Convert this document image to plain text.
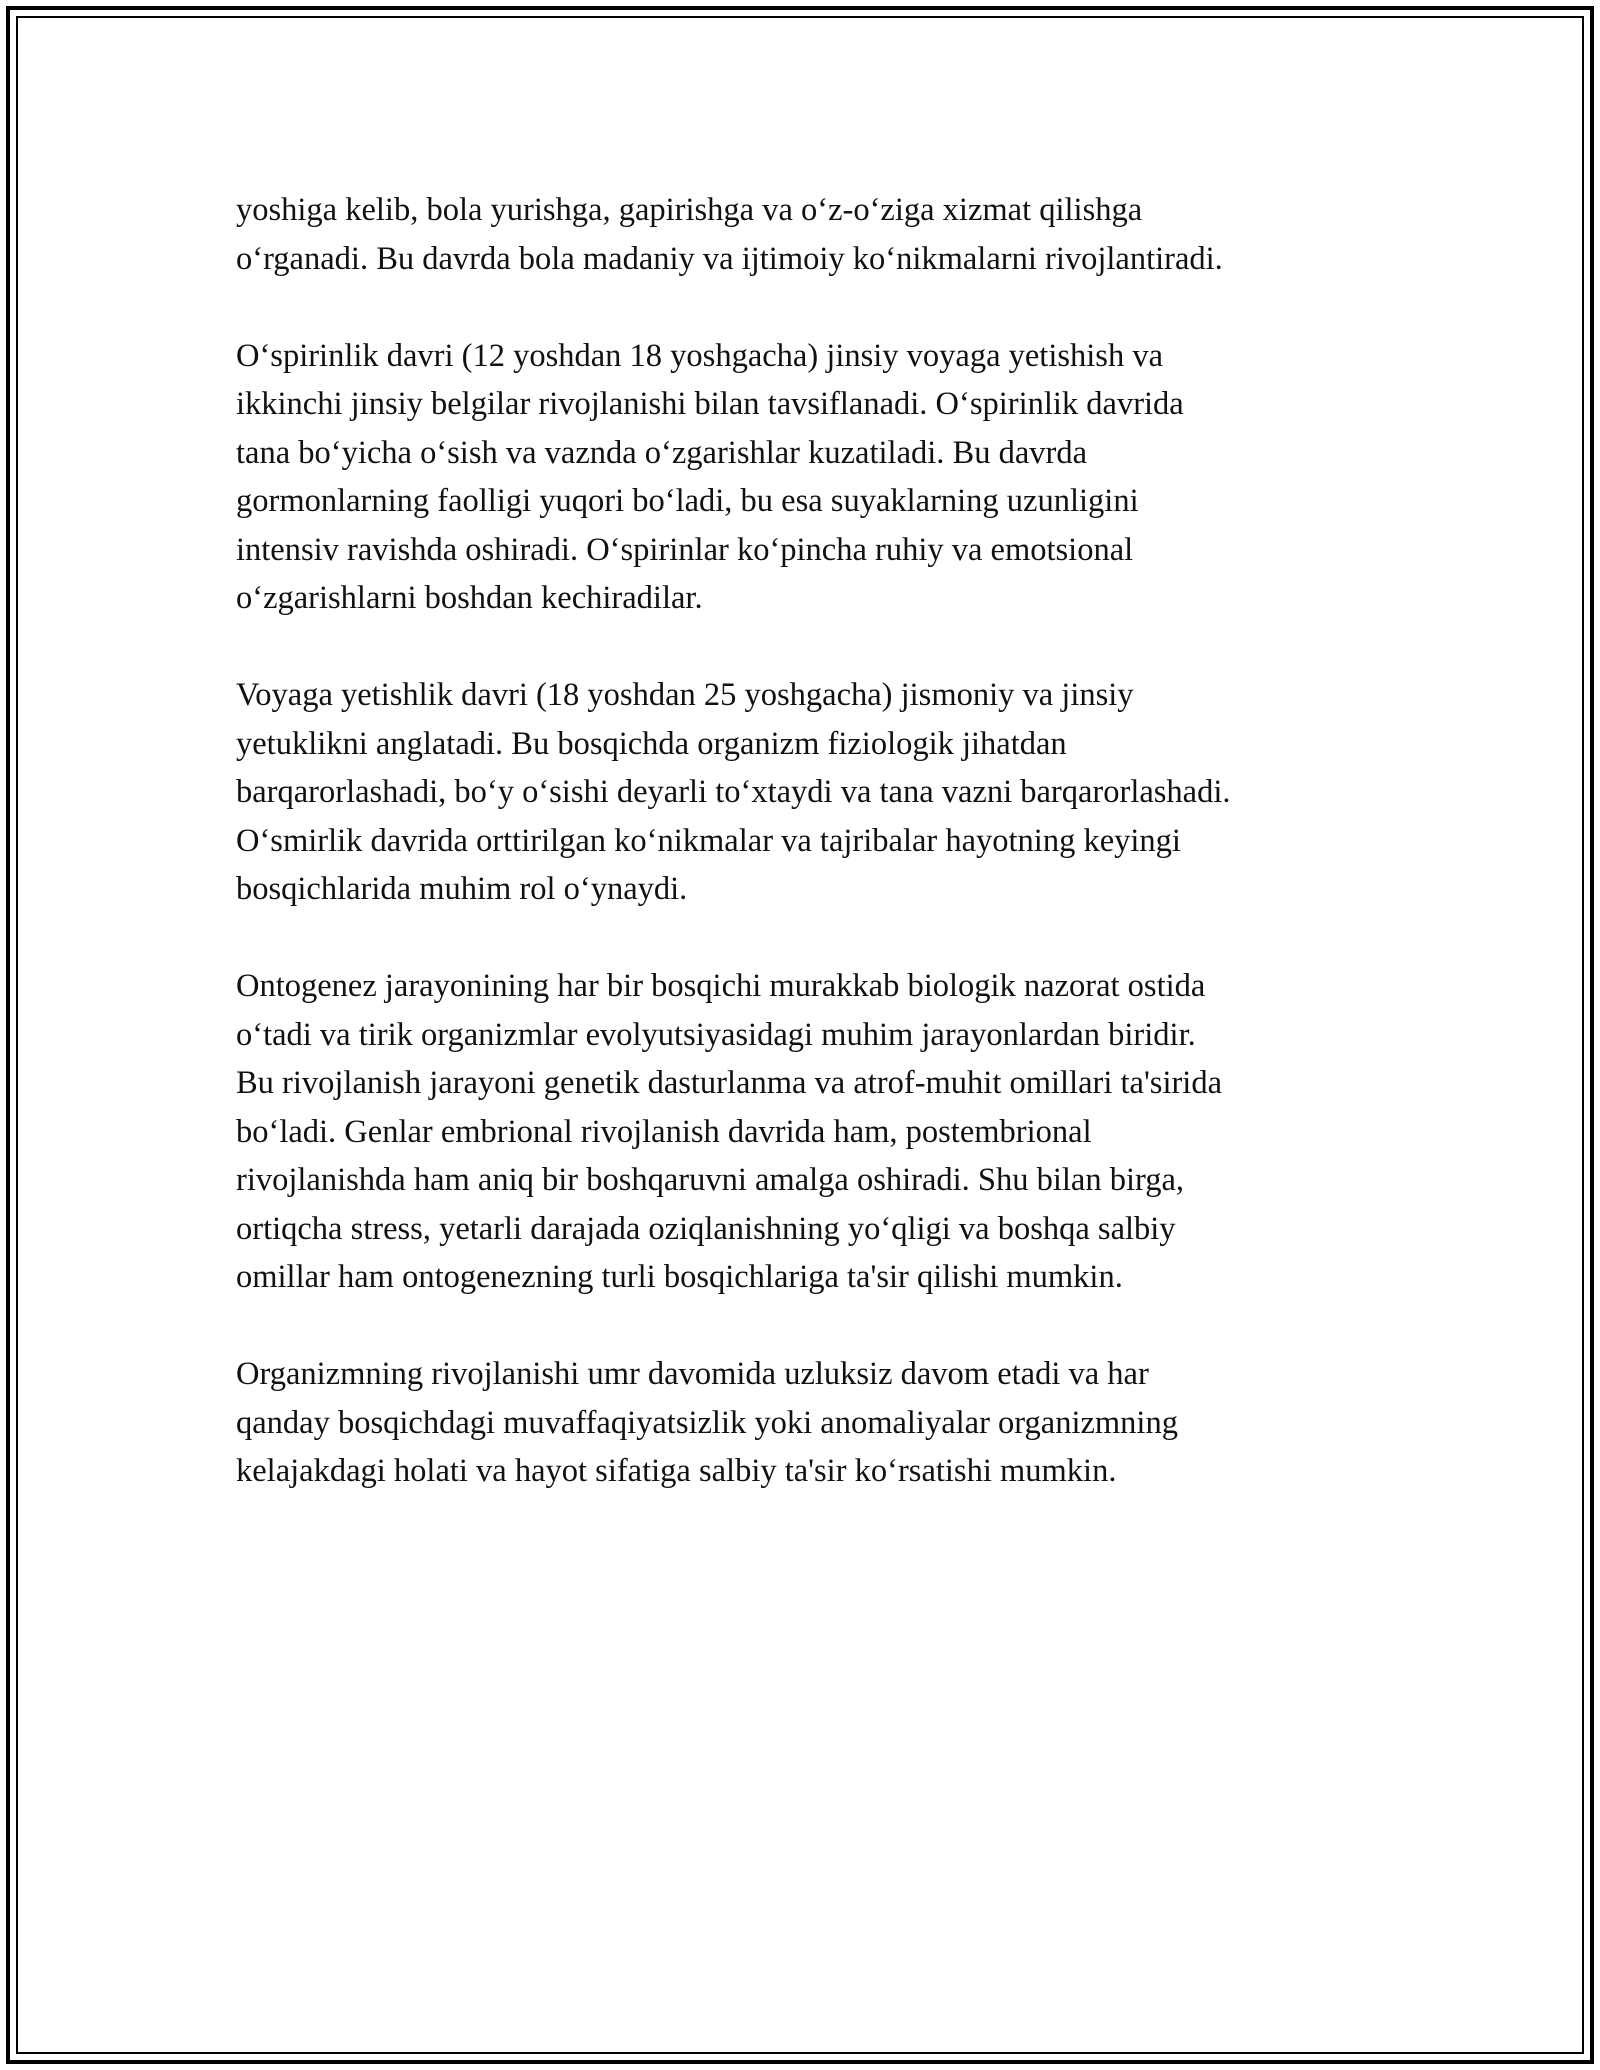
yoshiga kelib, bola yurishga, gapirishga va o‘z-o‘ziga xizmat qilishga
o‘rganadi. Bu davrda bola madaniy va ijtimoiy ko‘nikmalarni rivojlantiradi.

O‘spirinlik davri (12 yoshdan 18 yoshgacha) jinsiy voyaga yetishish va
ikkinchi jinsiy belgilar rivojlanishi bilan tavsiflanadi. O‘spirinlik davrida
tana bo‘yicha o‘sish va vaznda o‘zgarishlar kuzatiladi. Bu davrda
gormonlarning faolligi yuqori bo‘ladi, bu esa suyaklarning uzunligini
intensiv ravishda oshiradi. O‘spirinlar ko‘pincha ruhiy va emotsional
o‘zgarishlarni boshdan kechiradilar.

Voyaga yetishlik davri (18 yoshdan 25 yoshgacha) jismoniy va jinsiy
yetuklikni anglatadi. Bu bosqichda organizm fiziologik jihatdan
barqarorlashadi, bo‘y o‘sishi deyarli to‘xtaydi va tana vazni barqarorlashadi.
O‘smirlik davrida orttirilgan ko‘nikmalar va tajribalar hayotning keyingi
bosqichlarida muhim rol o‘ynaydi.

Ontogenez jarayonining har bir bosqichi murakkab biologik nazorat ostida
o‘tadi va tirik organizmlar evolyutsiyasidagi muhim jarayonlardan biridir.
Bu rivojlanish jarayoni genetik dasturlanma va atrof-muhit omillari ta'sirida
bo‘ladi. Genlar embrional rivojlanish davrida ham, postembrional
rivojlanishda ham aniq bir boshqaruvni amalga oshiradi. Shu bilan birga,
ortiqcha stress, yetarli darajada oziqlanishning yo‘qligi va boshqa salbiy
omillar ham ontogenezning turli bosqichlariga ta'sir qilishi mumkin.

Organizmning rivojlanishi umr davomida uzluksiz davom etadi va har
qanday bosqichdagi muvaffaqiyatsizlik yoki anomaliyalar organizmning
kelajakdagi holati va hayot sifatiga salbiy ta'sir ko‘rsatishi mumkin.
